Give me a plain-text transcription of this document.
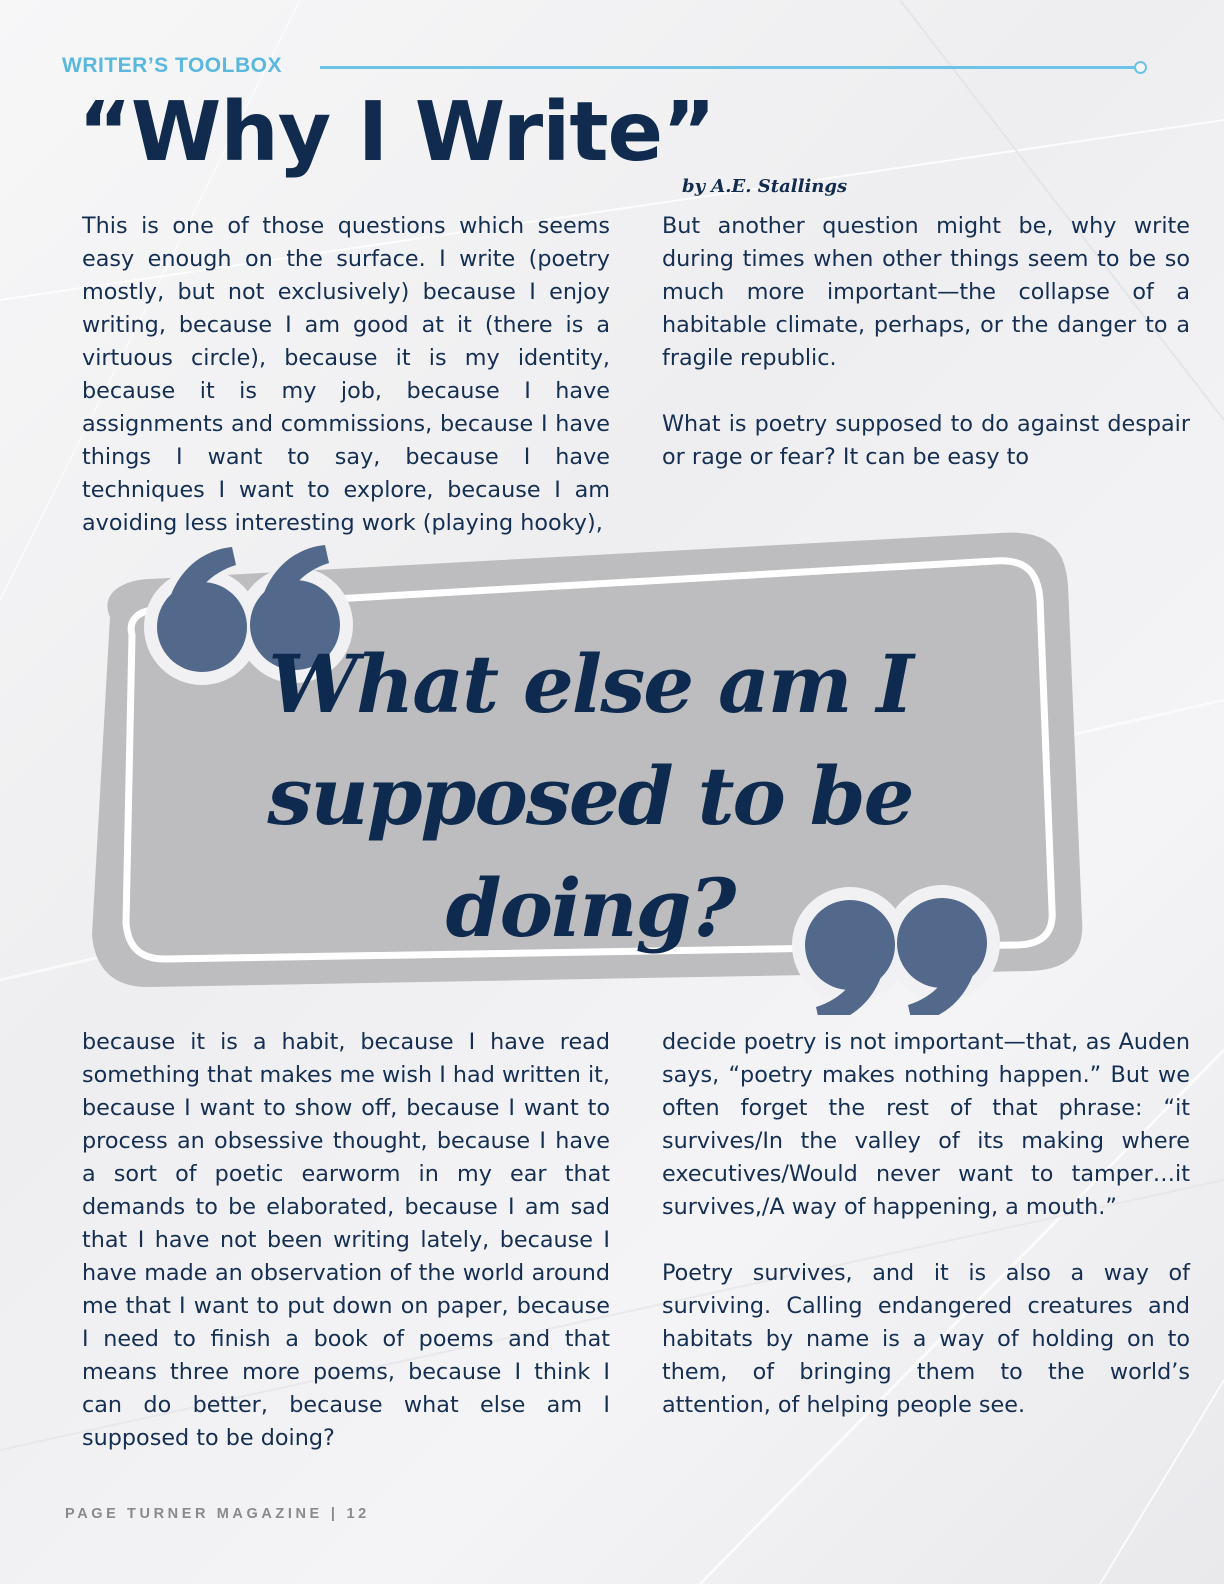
WRITER’S TOOLBOX
“Why I Write”
by A.E. Stallings

This is one of those questions which seems easy enough on the surface. I write (poetry mostly, but not exclusively) because I enjoy writing, because I am good at it (there is a virtuous circle), because it is my identity, because it is my job, because I have assignments and commissions, because I have things I want to say, because I have techniques I want to explore, because I am avoiding less interesting work (playing hooky),

But another question might be, why write during times when other things seem to be so much more important—the collapse of a habitable climate, perhaps, or the danger to a fragile republic.

What is poetry supposed to do against despair or rage or fear? It can be easy to

What else am I supposed to be doing?

because it is a habit, because I have read something that makes me wish I had written it, because I want to show off, because I want to process an obsessive thought, because I have a sort of poetic earworm in my ear that demands to be elaborated, because I am sad that I have not been writing lately, because I have made an observation of the world around me that I want to put down on paper, because I need to finish a book of poems and that means three more poems, because I think I can do better, because what else am I supposed to be doing?

decide poetry is not important—that, as Auden says, “poetry makes nothing happen.” But we often forget the rest of that phrase: “it survives/In the valley of its making where executives/Would never want to tamper…it survives,/A way of happening, a mouth.”

Poetry survives, and it is also a way of surviving. Calling endangered creatures and habitats by name is a way of holding on to them, of bringing them to the world’s attention, of helping people see.

PAGE TURNER MAGAZINE | 12
